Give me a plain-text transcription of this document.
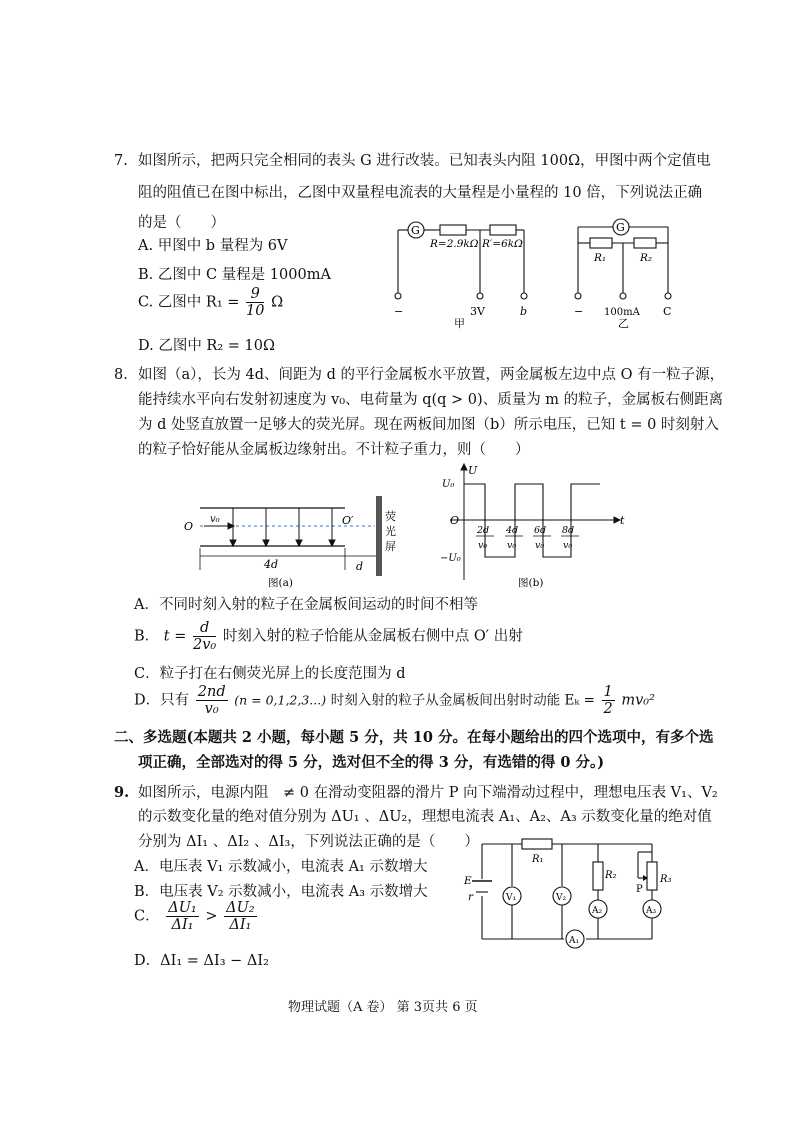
7. 如图所示，把两只完全相同的表头 G 进行改装。已知表头内阻 100Ω，甲图中两个定值电
阻的阻值已在图中标出，乙图中双量程电流表的大量程是小量程的 10 倍，下列说法正确
的是（　　）
A. 甲图中 b 量程为 6V
B. 乙图中 C 量程是 1000mA
C. 乙图中 $R_1 = \frac{9}{10}$ Ω
D. 乙图中 R₂ = 10Ω
G
R=2.9kΩ R′=6kΩ
−	3V	b
甲
G
R₁	R₂
− 100mA C
乙
8. 如图（a），长为 4d、间距为 d 的平行金属板水平放置，两金属板左边中点 O 有一粒子源，
能持续水平向右发射初速度为 v₀、电荷量为 q(q > 0)、质量为 m 的粒子，金属板右侧距离
为 d 处竖直放置一足够大的荧光屏。现在两板间加图（b）所示电压，已知 t = 0 时刻射入
的粒子恰好能从金属板边缘射出。不计粒子重力，则（　　）
O
v₀	O′
4d	d
荧
光
屏
图(a)
U
U₀
O
−U₀
t
2d
v₀
4d
v₀
6d
v₀
8d
v₀
图(b)
A．不同时刻入射的粒子在金属板间运动的时间不相等
B． $t = \frac{d}{\text{2v₀}}$ 时刻入射的粒子恰能从金属板右侧中点 O′ 出射
C．粒子打在右侧荧光屏上的长度范围为 d
D．只有 $\frac{2nd}{\text{v₀}} (n = 0,1,2,3...)$ 时刻入射的粒子从金属板间出射时动能 $E_k = \frac{1}{2} mv_0^2$
二、多选题(本题共 2 小题，每小题 5 分，共 10 分。在每小题给出的四个选项中，有多个选
项正确，全部选对的得 5 分，选对但不全的得 3 分，有选错的得 0 分。)
9. 如图所示，电源内阻　≠ 0 在滑动变阻器的滑片 P 向下端滑动过程中，理想电压表 V₁、V₂
的示数变化量的绝对值分别为 ΔU₁ 、ΔU₂，理想电流表 A₁、A₂、A₃ 示数变化量的绝对值
分别为 ΔI₁ 、ΔI₂ 、ΔI₃，下列说法正确的是（　　）
A．电压表 V₁ 示数减小，电流表 A₁ 示数增大
B．电压表 V₂ 示数减小，电流表 A₃ 示数增大
C． $\frac{\text{ΔU₁}}{\text{ΔI₁}} > \frac{\text{ΔU₂}}{\text{ΔI₁}}$
D．ΔI₁ = ΔI₃ − ΔI₂
E
r
R₁
R₂	R₃
P
V₁	V₂
A₁
A₂	A₃
物理试题（A 卷） 第 3页共 6 页
